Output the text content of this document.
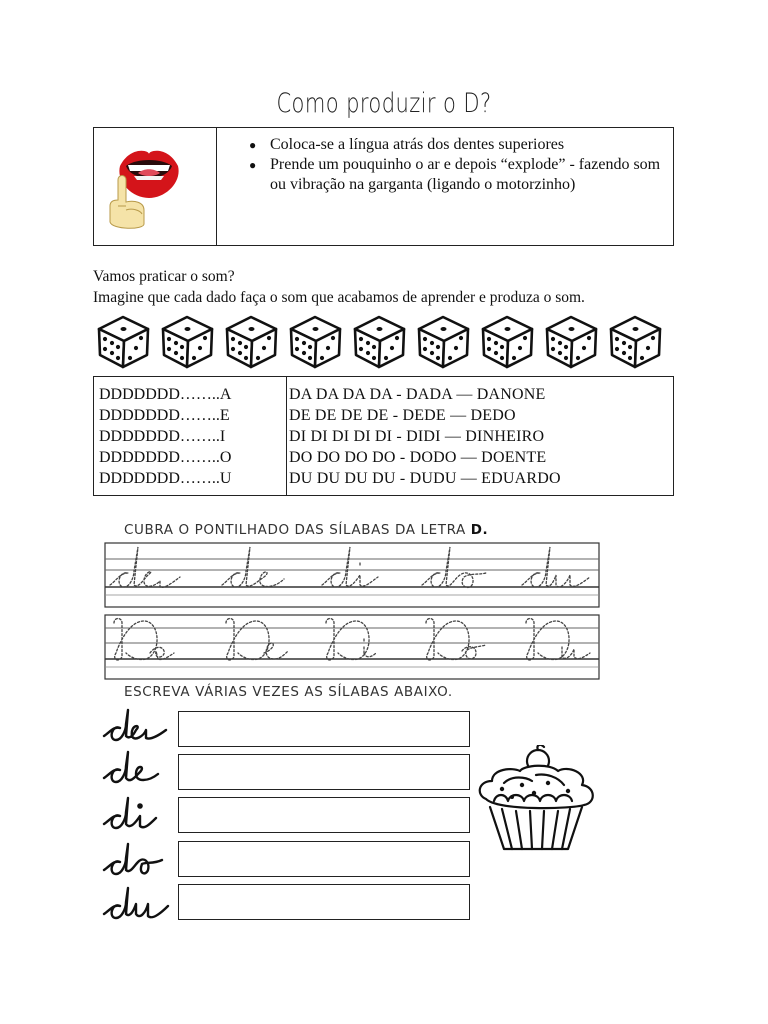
Como produzir o D?
● Coloca-se a língua atrás dos dentes superiores
● Prende um pouquinho o ar e depois “explode” - fazendo som ou vibração na garganta (ligando o motorzinho)
Vamos praticar o som?
Imagine que cada dado faça o som que acabamos de aprender e produza o som.
DDDDDDD……..A
DDDDDDD……..E
DDDDDDD……..I
DDDDDDD……..O
DDDDDDD……..U
DA DA DA DA - DADA — DANONE
DE DE DE DE - DEDE — DEDO
DI DI DI DI DI - DIDI — DINHEIRO
DO DO DO DO - DODO — DOENTE
DU DU DU DU - DUDU — EDUARDO
CUBRA O PONTILHADO DAS SÍLABAS DA LETRA D.
ESCREVA VÁRIAS VEZES AS SÍLABAS ABAIXO.
